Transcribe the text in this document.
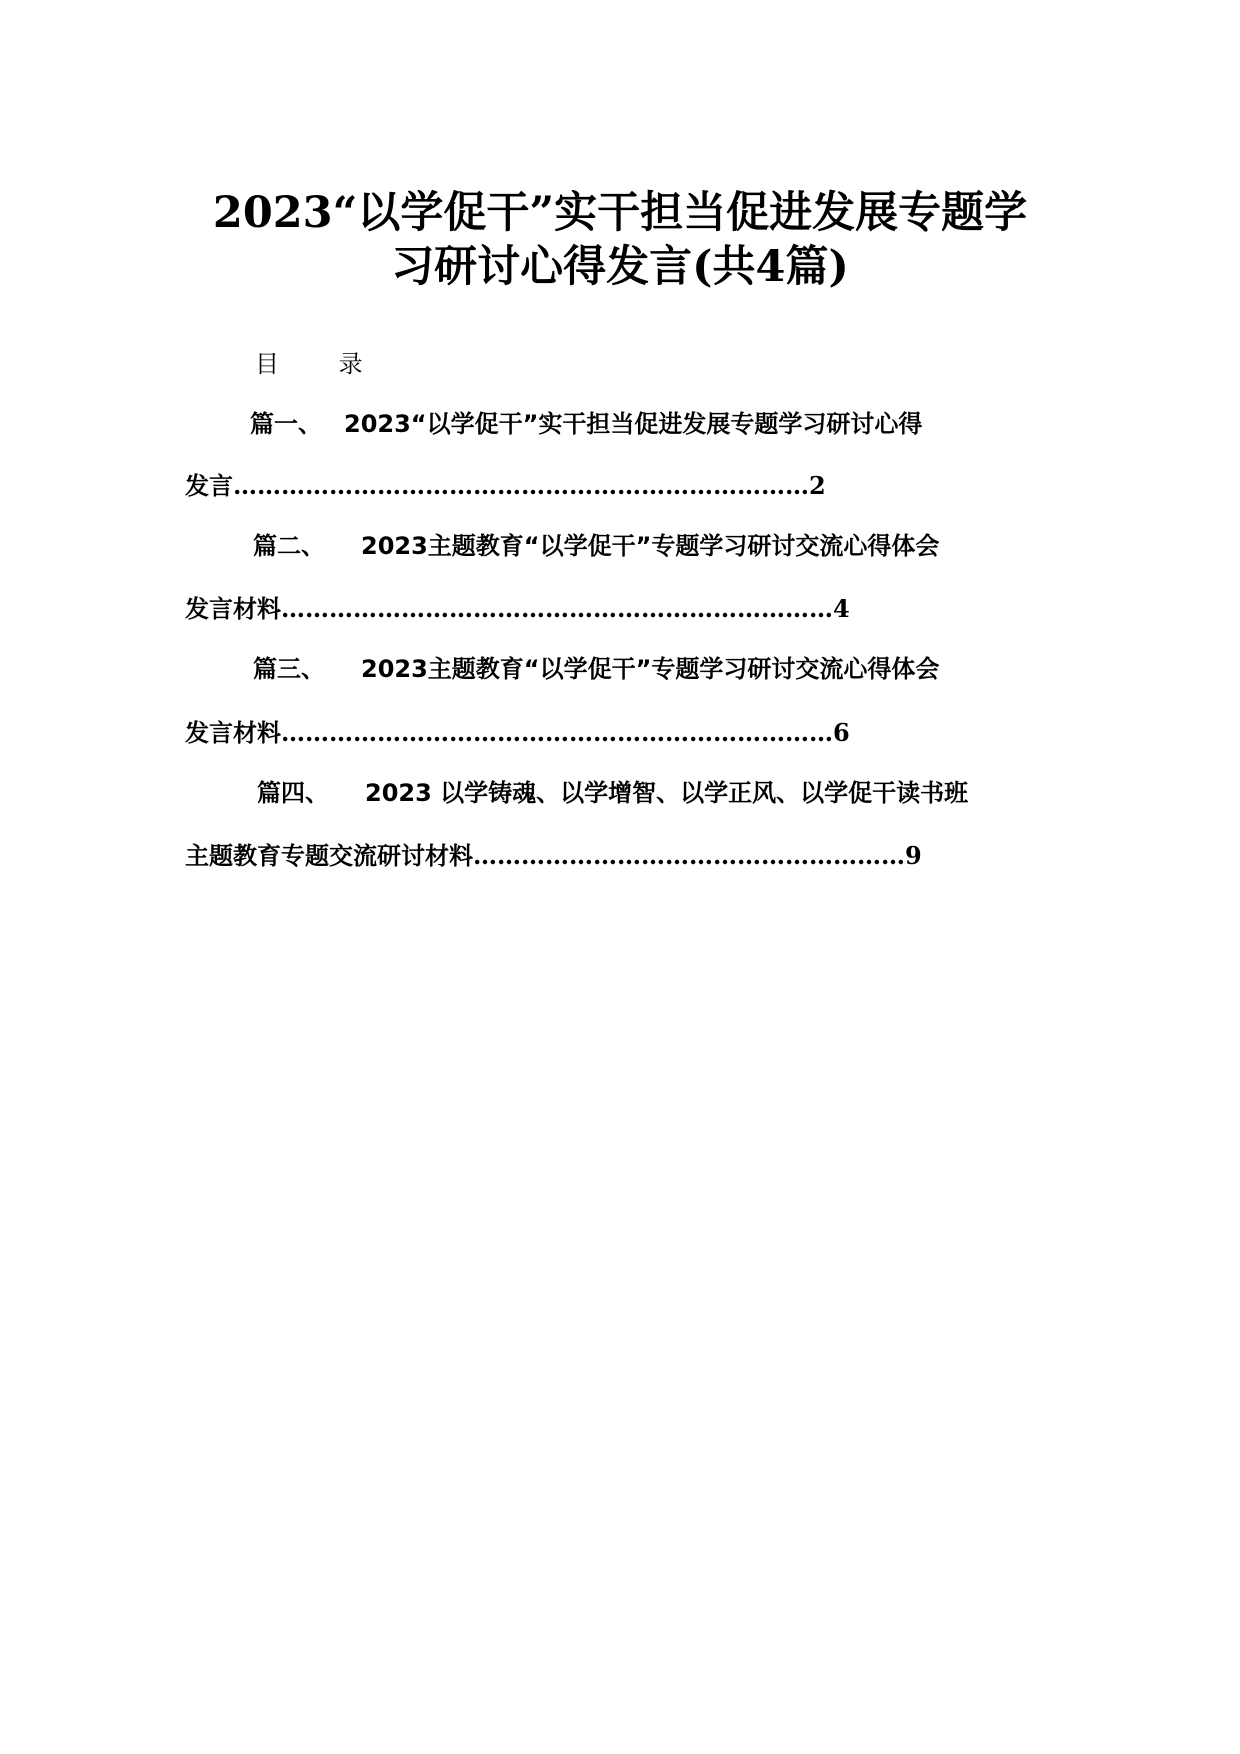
2023“以学促干”实干担当促进发展专题学
习研讨心得发言(共4篇)
目 录
篇一、 2023“以学促干”实干担当促进发展专题学习研讨心得
发言 ……………………………………………………………… 2
篇二、 2023主题教育“以学促干”专题学习研讨交流心得体会
发言材料 …………………………………………………………… 4
篇三、 2023主题教育“以学促干”专题学习研讨交流心得体会
发言材料 …………………………………………………………… 6
篇四、 2023 以学铸魂、以学增智、以学正风、以学促干读书班
主题教育专题交流研讨材料 ……………………………………………… 9
